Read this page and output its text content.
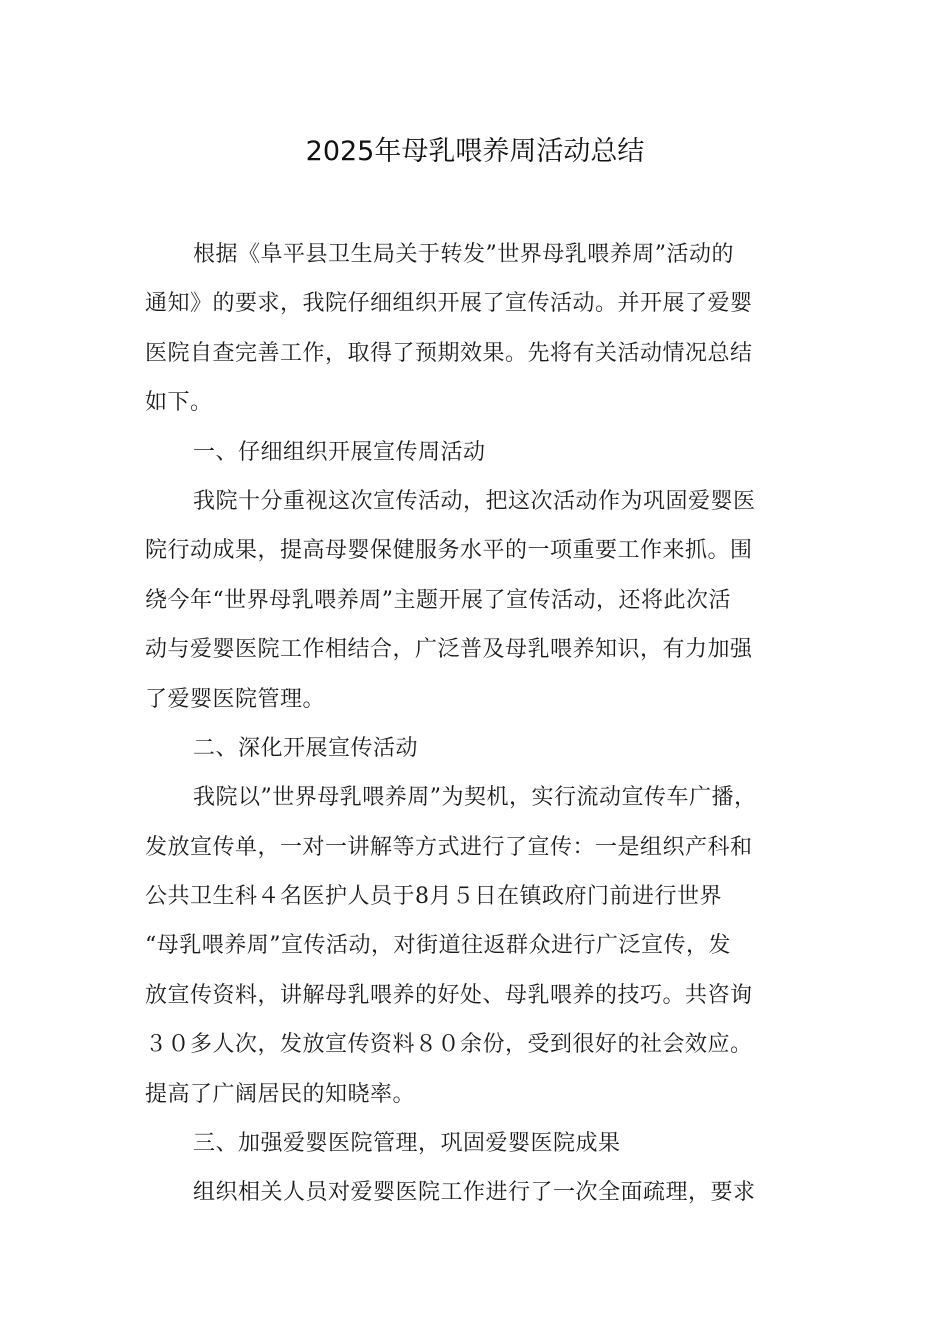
2025年母乳喂养周活动总结
根据《阜平县卫生局关于转发”世界母乳喂养周”活动的
通知》的要求，我院仔细组织开展了宣传活动。并开展了爱婴
医院自查完善工作，取得了预期效果。先将有关活动情况总结
如下。
一、仔细组织开展宣传周活动
我院十分重视这次宣传活动，把这次活动作为巩固爱婴医
院行动成果，提高母婴保健服务水平的一项重要工作来抓。围
绕今年“世界母乳喂养周”主题开展了宣传活动，还将此次活
动与爱婴医院工作相结合，广泛普及母乳喂养知识，有力加强
了爱婴医院管理。
二、深化开展宣传活动
我院以”世界母乳喂养周”为契机，实行流动宣传车广播，
发放宣传单，一对一讲解等方式进行了宣传：一是组织产科和
公共卫生科４名医护人员于8月５日在镇政府门前进行世界
“母乳喂养周”宣传活动，对街道往返群众进行广泛宣传，发
放宣传资料，讲解母乳喂养的好处、母乳喂养的技巧。共咨询
３０多人次，发放宣传资料８０余份，受到很好的社会效应。
提高了广阔居民的知晓率。
三、加强爱婴医院管理，巩固爱婴医院成果
组织相关人员对爱婴医院工作进行了一次全面疏理，要求
